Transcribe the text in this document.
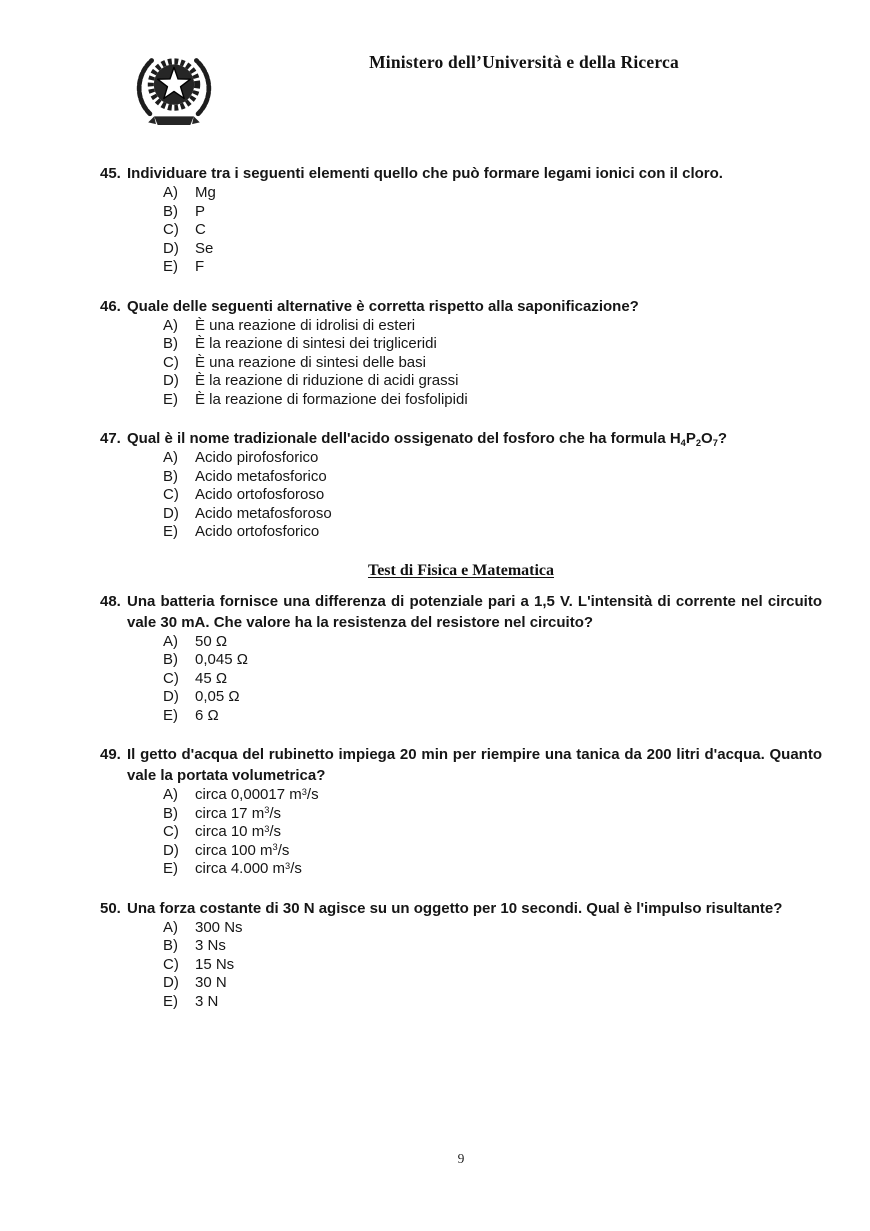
Ministero dell’Università e della Ricerca
45. Individuare tra i seguenti elementi quello che può formare legami ionici con il cloro.
A)	Mg
B)	P
C)	C
D)	Se
E)	F
46. Quale delle seguenti alternative è corretta rispetto alla saponificazione?
A)	È una reazione di idrolisi di esteri
B)	È la reazione di sintesi dei trigliceridi
C)	È una reazione di sintesi delle basi
D)	È la reazione di riduzione di acidi grassi
E)	È la reazione di formazione dei fosfolipidi
47. Qual è il nome tradizionale dell'acido ossigenato del fosforo che ha formula $H_4P_2O_7$?
A)	Acido pirofosforico
B)	Acido metafosforico
C)	Acido ortofosforoso
D)	Acido metafosforoso
E)	Acido ortofosforico
Test di Fisica e Matematica
48. Una batteria fornisce una differenza di potenziale pari a 1,5 V. L'intensità di corrente nel circuito vale 30 mA. Che valore ha la resistenza del resistore nel circuito?
A)	50 Ω
B)	0,045 Ω
C)	45 Ω
D)	0,05 Ω
E)	6 Ω
49. Il getto d'acqua del rubinetto impiega 20 min per riempire una tanica da 200 litri d'acqua. Quanto vale la portata volumetrica?
A)	circa 0,00017 $m^3/s$
B)	circa 17 $m^3/s$
C)	circa 10 $m^3/s$
D)	circa 100 $m^3/s$
E)	circa 4.000 $m^3/s$
50. Una forza costante di 30 N agisce su un oggetto per 10 secondi. Qual è l'impulso risultante?
A)	300 Ns
B)	3 Ns
C)	15 Ns
D)	30 N
E)	3 N
9
